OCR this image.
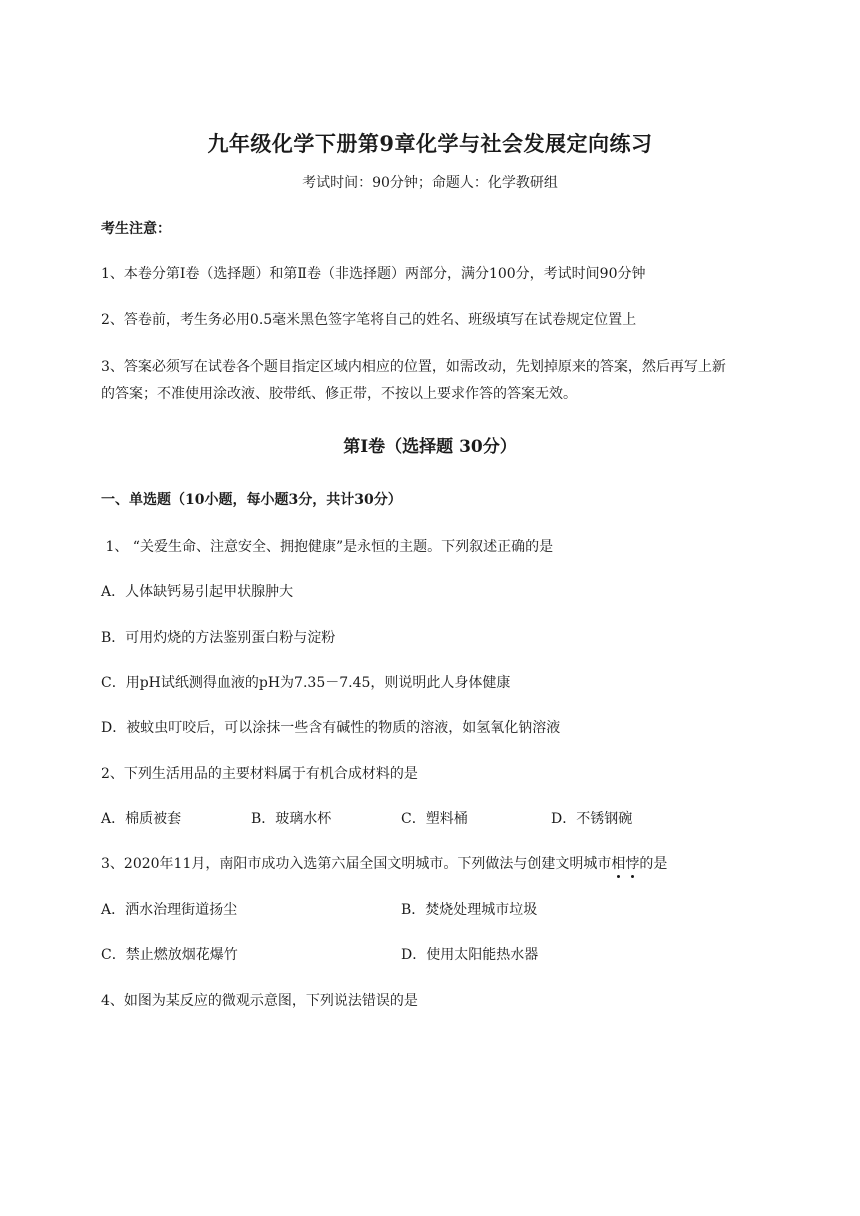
九年级化学下册第9章化学与社会发展定向练习
考试时间：90分钟；命题人：化学教研组
考生注意：
1、本卷分第Ⅰ卷（选择题）和第Ⅱ卷（非选择题）两部分，满分100分，考试时间90分钟
2、答卷前，考生务必用0.5毫米黑色签字笔将自己的姓名、班级填写在试卷规定位置上
3、答案必须写在试卷各个题目指定区域内相应的位置，如需改动，先划掉原来的答案，然后再写上新
的答案；不准使用涂改液、胶带纸、修正带，不按以上要求作答的答案无效。
第Ⅰ卷（选择题 30分）
一、单选题（10小题，每小题3分，共计30分）
1、 “关爱生命、注意安全、拥抱健康”是永恒的主题。下列叙述正确的是
A．人体缺钙易引起甲状腺肿大
B．可用灼烧的方法鉴别蛋白粉与淀粉
C．用pH试纸测得血液的pH为7.35－7.45，则说明此人身体健康
D．被蚊虫叮咬后，可以涂抹一些含有碱性的物质的溶液，如氢氧化钠溶液
2、下列生活用品的主要材料属于有机合成材料的是
A．棉质被套	B．玻璃水杯	C．塑料桶	D．不锈钢碗
3、2020年11月，南阳市成功入选第六届全国文明城市。下列做法与创建文明城市相悖的是
A．洒水治理街道扬尘	B．焚烧处理城市垃圾
C．禁止燃放烟花爆竹	D．使用太阳能热水器
4、如图为某反应的微观示意图，下列说法错误的是
